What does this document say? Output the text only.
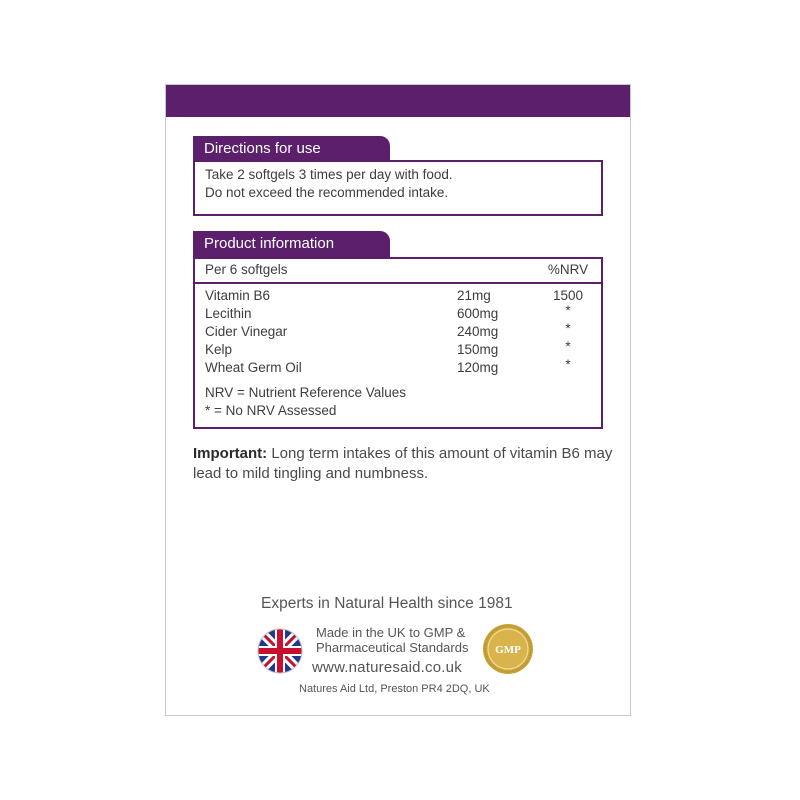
Take 2 softgels 3 times per day with food.
Do not exceed the recommended intake.
Directions for use
Per 6 softgels	%NRV
Vitamin B6	21mg	1500
Lecithin	600mg	*
Cider Vinegar	240mg	*
Kelp	150mg	*
Wheat Germ Oil	120mg	*
NRV = Nutrient Reference Values
* = No NRV Assessed
Product information
Important: Long term intakes of this amount of vitamin B6 may lead to mild tingling and numbness.
Experts in Natural Health since 1981
Made in the UK to GMP &
Pharmaceutical Standards
www.naturesaid.co.uk
GMP
Natures Aid Ltd, Preston PR4 2DQ, UK
